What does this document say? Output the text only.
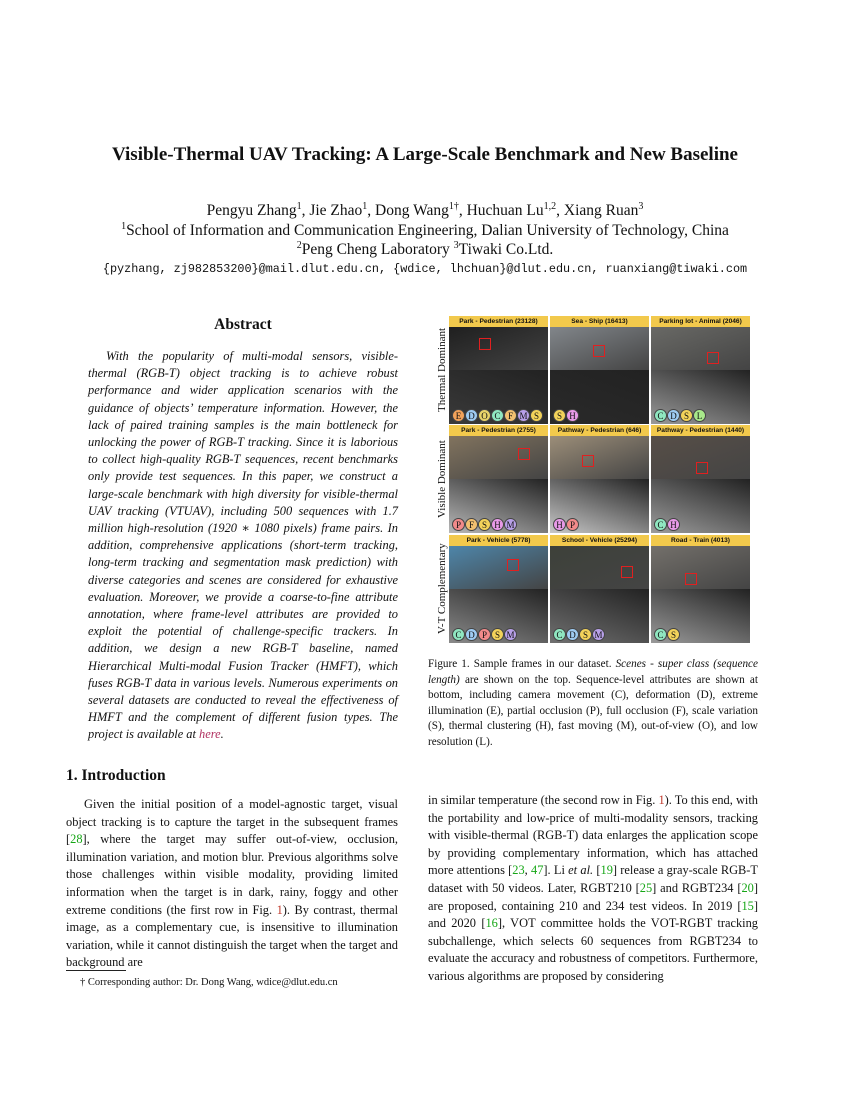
Visible-Thermal UAV Tracking: A Large-Scale Benchmark and New Baseline
Pengyu Zhang$^1$, Jie Zhao$^1$, Dong Wang$^{1\dagger}$, Huchuan Lu$^{1,2}$, Xiang Ruan$^3$
$^1$School of Information and Communication Engineering, Dalian University of Technology, China
$^2$Peng Cheng Laboratory $^3$Tiwaki Co.Ltd.
{pyzhang, zj982853200}@mail.dlut.edu.cn, {wdice, lhchuan}@dlut.edu.cn, ruanxiang@tiwaki.com
Abstract
With the popularity of multi-modal sensors, visible-thermal (RGB-T) object tracking is to achieve robust performance and wider application scenarios with the guidance of objects’ temperature information. However, the lack of paired training samples is the main bottleneck for unlocking the power of RGB-T tracking. Since it is laborious to collect high-quality RGB-T sequences, recent benchmarks only provide test sequences. In this paper, we construct a large-scale benchmark with high diversity for visible-thermal UAV tracking (VTUAV), including 500 sequences with 1.7 million high-resolution (1920 ∗ 1080 pixels) frame pairs. In addition, comprehensive applications (short-term tracking, long-term tracking and segmentation mask prediction) with diverse categories and scenes are considered for exhaustive evaluation. Moreover, we provide a coarse-to-fine attribute annotation, where frame-level attributes are provided to exploit the potential of challenge-specific trackers. In addition, we design a new RGB-T baseline, named Hierarchical Multi-modal Fusion Tracker (HMFT), which fuses RGB-T data in various levels. Numerous experiments on several datasets are conducted to reveal the effectiveness of HMFT and the complement of different fusion types. The project is available at here.
1. Introduction
Given the initial position of a model-agnostic target, visual object tracking is to capture the target in the subsequent frames [28], where the target may suffer out-of-view, occlusion, illumination variation, and motion blur. Previous algorithms solve those challenges within visible modality, providing limited information when the target is in dark, rainy, foggy and other extreme conditions (the first row in Fig. 1). By contrast, thermal image, as a complementary cue, is insensitive to illumination variation, while it cannot distinguish the target when the target and background are
in similar temperature (the second row in Fig. 1). To this end, with the portability and low-price of multi-modality sensors, tracking with visible-thermal (RGB-T) data enlarges the application scope by providing complementary information, which has attached more attentions [23, 47]. Li et al. [19] release a gray-scale RGB-T dataset with 50 videos. Later, RGBT210 [25] and RGBT234 [20] are proposed, containing 210 and 234 test videos. In 2019 [15] and 2020 [16], VOT committee holds the VOT-RGBT tracking subchallenge, which selects 60 sequences from RGBT234 to evaluate the accuracy and robustness of competitors. Furthermore, various algorithms are proposed by considering
† Corresponding author: Dr. Dong Wang, wdice@dlut.edu.cn
Thermal Dominant
Visible Dominant
V-T Complementary
Park - Pedestrian (23128)
E D O C F M S
Sea - Ship (16413)
S H
Parking lot - Animal (2046)
C D S L
Park - Pedestrian (2755)
P F S H M
Pathway - Pedestrian (646)
H P
Pathway - Pedestrian (1440)
C H
Park - Vehicle (5778)
C D P S M
School - Vehicle (25294)
C D S M
Road - Train (4013)
C S
Figure 1. Sample frames in our dataset. Scenes - super class (sequence length) are shown on the top. Sequence-level attributes are shown at bottom, including camera movement (C), deformation (D), extreme illumination (E), partial occlusion (P), full occlusion (F), scale variation (S), thermal clustering (H), fast moving (M), out-of-view (O), and low resolution (L).
